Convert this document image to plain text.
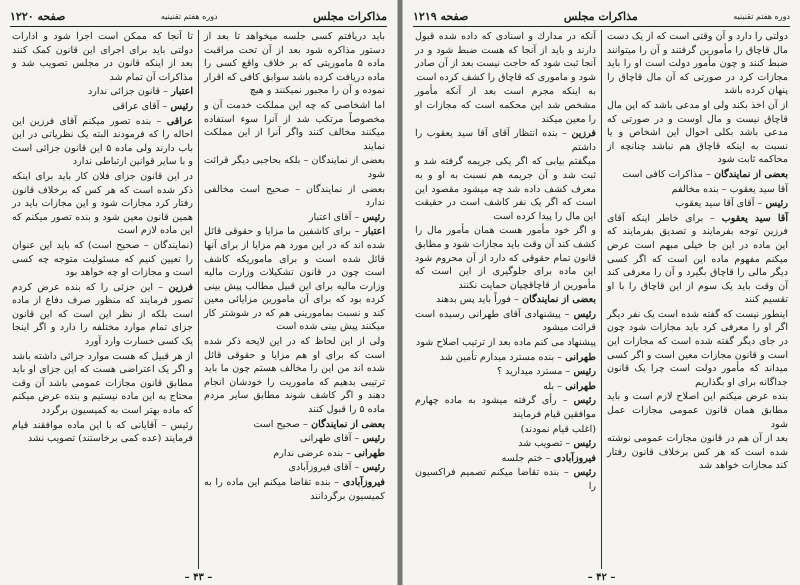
مذاکرات مجلس
دوره هفتم تقنینیه
صفحه ۱۲۲۰

باید دریافتم کسی جلسه میخواهد تا بعد از دستور مذاکره شود بعد از آن تحت مراقبت ماده ۵ ماموریتی که بر خلاف واقع کسی را ماده دریافت کرده باشد سوابق کافی که اقرار نموده و آن را مجبور نمیکنند و هیچ

اما اشخاصی که چه این مملکت خدمت آن و مخصوصاً مرتکب شد از آنرا سوء استفاده میکنند مخالف کنند واگر آنرا از این مملکت نمایند

بعضی از نمایندگان – بلکه بحاجبی دیگر قرائت شود

بعضی از نمایندگان – صحیح است مخالفی ندارد

رئیس – آقای اعتبار

اعتبار – برای کاشفین ما مزایا و حقوقی قائل شده اند که در این مورد هم مزایا از برای آنها قائل شده است و برای ماموریکه کاشف است چون در قانون تشکیلات وزارت مالیه وزارت مالیه برای این قبیل مطالب پیش بینی کرده بود که برای آن مامورین مزایائی معین کند و نسبت بمامورینی هم که در شوشتر کار میکنند پیش بینی شده است

ولی از این لحاظ که در این لایحه ذکر شده است که برای او هم مزایا و حقوقی قائل شده اند من این را مخالف هستم چون ما باید ترتیبی بدهیم که ماموریت را خودشان انجام دهند و اگر کاشف شوند مطابق سایر مردم ماده ۵ را قبول کنند

بعضی از نمایندگان – صحیح است

رئیس – آقای طهرانی

طهرانی – بنده عرضی ندارم

رئیس – آقای فیروزآبادی

فیروزآبادی – بنده تقاضا میکنم این ماده را به کمیسیون برگردانند

تا آنجا که ممکن است اجرا شود و ادارات دولتی باید برای اجرای این قانون کمک کنند بعد از اینکه قانون در مجلس تصویب شد و مذاکرات آن تمام شد

اعتبار – قانون جزائی ندارد

رئیس – آقای عراقی

عراقی – بنده تصور میکنم آقای فرزین این احاله را که فرمودند البته یک نظریاتی در این باب دارند ولی ماده ۵ این قانون جزائی است و با سایر قوانین ارتباطی ندارد

در این قانون جزای فلان کار باید برای اینکه ذکر شده است که هر کس که برخلاف قانون رفتار کرد مجازات شود و این مجازات باید در همین قانون معین شود و بنده تصور میکنم که این ماده لازم است

(نمایندگان – صحیح است) که باید این عنوان را تعیین کنیم که مسئولیت متوجه چه کسی است و مجازات او چه خواهد بود

فرزین – این جزئی را که بنده عرض کردم تصور فرمایند که منظور صرف دفاع از ماده است بلکه از نظر این است که این قانون جزای تمام موارد مختلفه را دارد و اگر اینجا یک کسی خسارت وارد آورد

از هر قبیل که هست موارد جزائی داشته باشد و اگر یک اعتراضی هست که این جزای او باید مطابق قانون مجازات عمومی باشد آن وقت محتاج به این ماده نیستیم و بنده عرض میکنم که ماده بهتر است به کمیسیون برگردد

رئیس – آقایانی که با این ماده موافقند قیام فرمایند (عده کمی برخاستند) تصویب نشد

– ۴۳ –
دوره هفتم تقنینیه
مذاکرات مجلس
صفحه ۱۲۱۹

دولتی را دارد و آن وقتی است که از یک دست مال قاچاق را مأمورین گرفتند و آن را میتوانند ضبط کنند و چون مأمور دولت است او را باید مجازات کرد در صورتی که آن مال قاچاق را پنهان کرده باشد

از آن اخذ بکند ولی او مدعی باشد که این مال قاچاق نیست و مال اوست و در صورتی که مدعی باشد بکلی احوال این اشخاص و یا نسبت به اینکه قاچاق هم نباشد چنانچه از محاکمه ثابت شود

بعضی از نمایندگان – مذاکرات کافی است

آقا سید یعقوب – بنده مخالفم

رئیس – آقای آقا سید یعقوب

آقا سید یعقوب – برای خاطر اینکه آقای فرزین توجه بفرمایند و تصدیق بفرمایند که این ماده در این جا خیلی مبهم است عرض میکنم مفهوم ماده این است که اگر کسی دیگر مالی را قاچاق بگیرد و آن را معرفی کند آن وقت باید یک سوم از این قاچاق را با او تقسیم کنند

اینطور نیست که گفته شده است یک نفر دیگر اگر او را معرفی کرد باید مجازات شود چون در جای دیگر گفته شده است که مجازات این است و قانون مجازات معین است و اگر کسی میداند که مأمور دولت است چرا یک قانون جداگانه برای او بگذاریم

بنده عرض میکنم این اصلاح لازم است و باید مطابق همان قانون عمومی مجازات عمل شود

بعد از آن هم در قانون مجازات عمومی نوشته شده است که هر کس برخلاف قانون رفتار کند مجازات خواهد شد

آنکه در مدارك و اسنادی که داده شده قبول دارند و باید از آنجا که هست ضبط شود و در آنجا ثبت شود که حاجت نیست بعد از آن صادر شود و ماموری که قاچاق را کشف کرده است

به اینکه مجرم است بعد از آنکه مأمور مشخص شد این محکمه است که مجازات او را معین میکند

فرزین – بنده انتظار آقای آقا سید یعقوب را داشتم

میگفتم بیابی که اگر یکی جریمه گرفته شد و ثبت شد و آن جریمه هم نسبت به او و به معرف کشف داده شد چه میشود مقصود این است که اگر یک نفر کاشف است در حقیقت این مال را پیدا کرده است

و اگر خود مأمور هست همان مأمور مال را کشف کند آن وقت باید مجازات شود و مطابق قانون تمام حقوقی که دارد از آن محروم شود این ماده برای جلوگیری از این است که مأمورین از قاچاقچیان حمایت نکنند

بعضی از نمایندگان – فوراً باید پس بدهند

رئیس – پیشنهادی آقای طهرانی رسیده است قرائت میشود

پیشنهاد می کنم ماده بعد از ترتیب اصلاح شود

طهرانی – بنده مسترد میدارم تأمین شد

رئیس – مسترد میدارید ؟

طهرانی – بله

رئیس – رأی گرفته میشود به ماده چهارم موافقین قیام فرمایند

(اغلب قیام نمودند)

رئیس – تصویب شد

فیروزآبادی – ختم جلسه

رئیس – بنده تقاضا میکنم تصمیم فراکسیون را

– ۴۲ –
